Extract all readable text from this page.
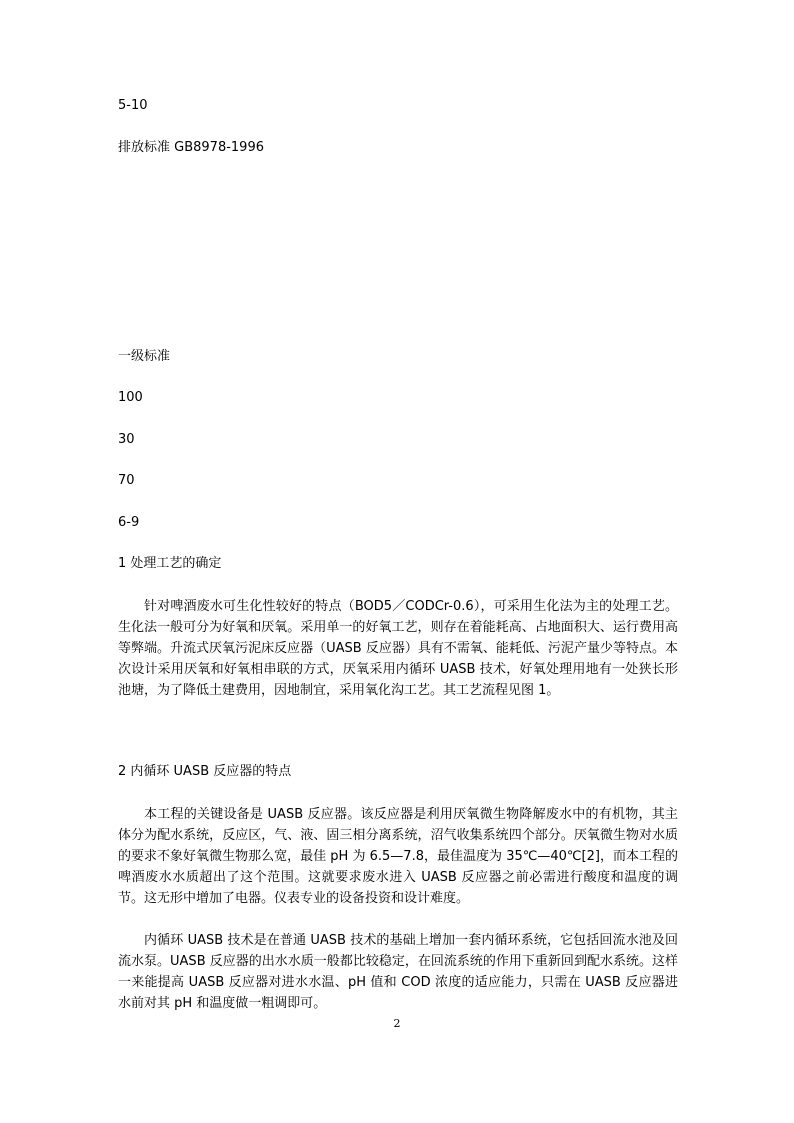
5-10
排放标准 GB8978-1996
一级标准
100
30
70
6-9
1 处理工艺的确定

针对啤酒废水可生化性较好的特点（BOD5／CODCr-0.6），可采用生化法为主的处理工艺。生化法一般可分为好氧和厌氧。采用单一的好氧工艺，则存在着能耗高、占地面积大、运行费用高等弊端。升流式厌氧污泥床反应器（UASB 反应器）具有不需氧、能耗低、污泥产量少等特点。本次设计采用厌氧和好氧相串联的方式，厌氧采用内循环 UASB 技术，好氧处理用地有一处狭长形池塘，为了降低土建费用，因地制宜，采用氧化沟工艺。其工艺流程见图 1。

2 内循环 UASB 反应器的特点

本工程的关键设备是 UASB 反应器。该反应器是利用厌氧微生物降解废水中的有机物，其主体分为配水系统，反应区，气、液、固三相分离系统，沼气收集系统四个部分。厌氧微生物对水质的要求不象好氧微生物那么宽，最佳 pH 为 6.5—7.8，最佳温度为 35℃—40℃[2]，而本工程的啤酒废水水质超出了这个范围。这就要求废水进入 UASB 反应器之前必需进行酸度和温度的调节。这无形中增加了电器。仪表专业的设备投资和设计难度。

内循环 UASB 技术是在普通 UASB 技术的基础上增加一套内循环系统，它包括回流水池及回流水泵。UASB 反应器的出水水质一般都比较稳定，在回流系统的作用下重新回到配水系统。这样一来能提高 UASB 反应器对进水水温、pH 值和 COD 浓度的适应能力，只需在 UASB 反应器进水前对其 pH 和温度做一粗调即可。

2
